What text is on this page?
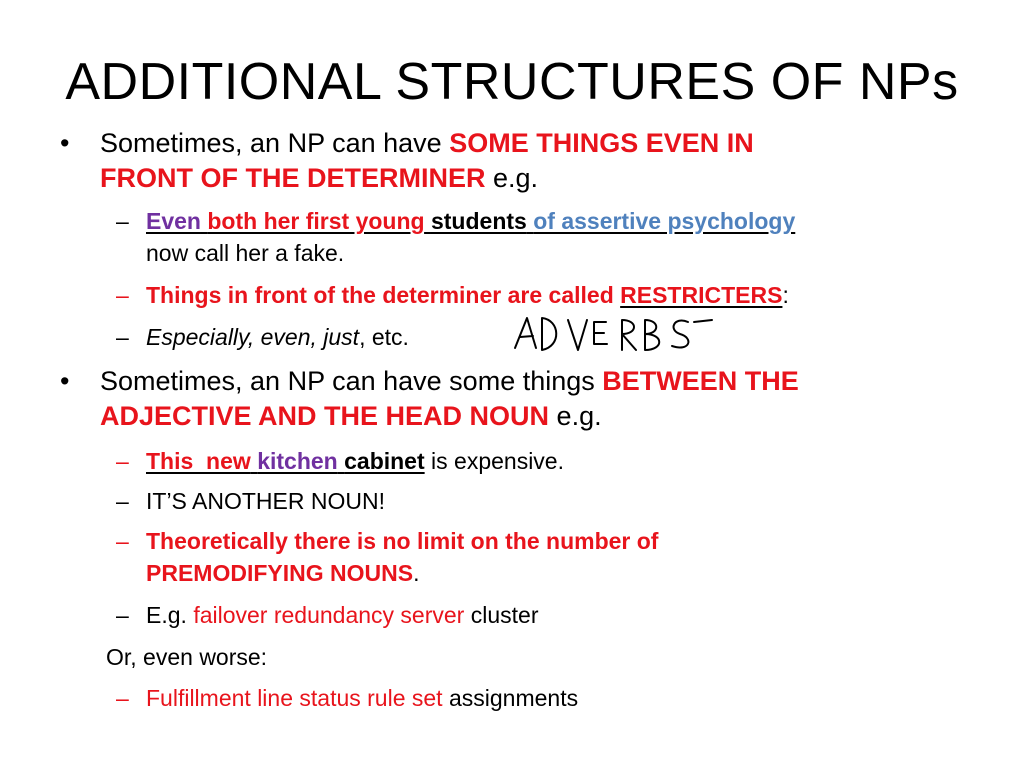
ADDITIONAL STRUCTURES OF NPs
• Sometimes, an NP can have SOME THINGS EVEN IN
FRONT OF THE DETERMINER e.g.
– Even both her first young students of assertive psychology
now call her a fake.
– Things in front of the determiner are called RESTRICTERS:
– Especially, even, just, etc.
• Sometimes, an NP can have some things BETWEEN THE
ADJECTIVE AND THE HEAD NOUN e.g.
– This  new kitchen cabinet is expensive.
– IT’S ANOTHER NOUN!
– Theoretically there is no limit on the number of
PREMODIFYING NOUNS.
– E.g. failover redundancy server cluster
Or, even worse:
– Fulfillment line status rule set assignments
